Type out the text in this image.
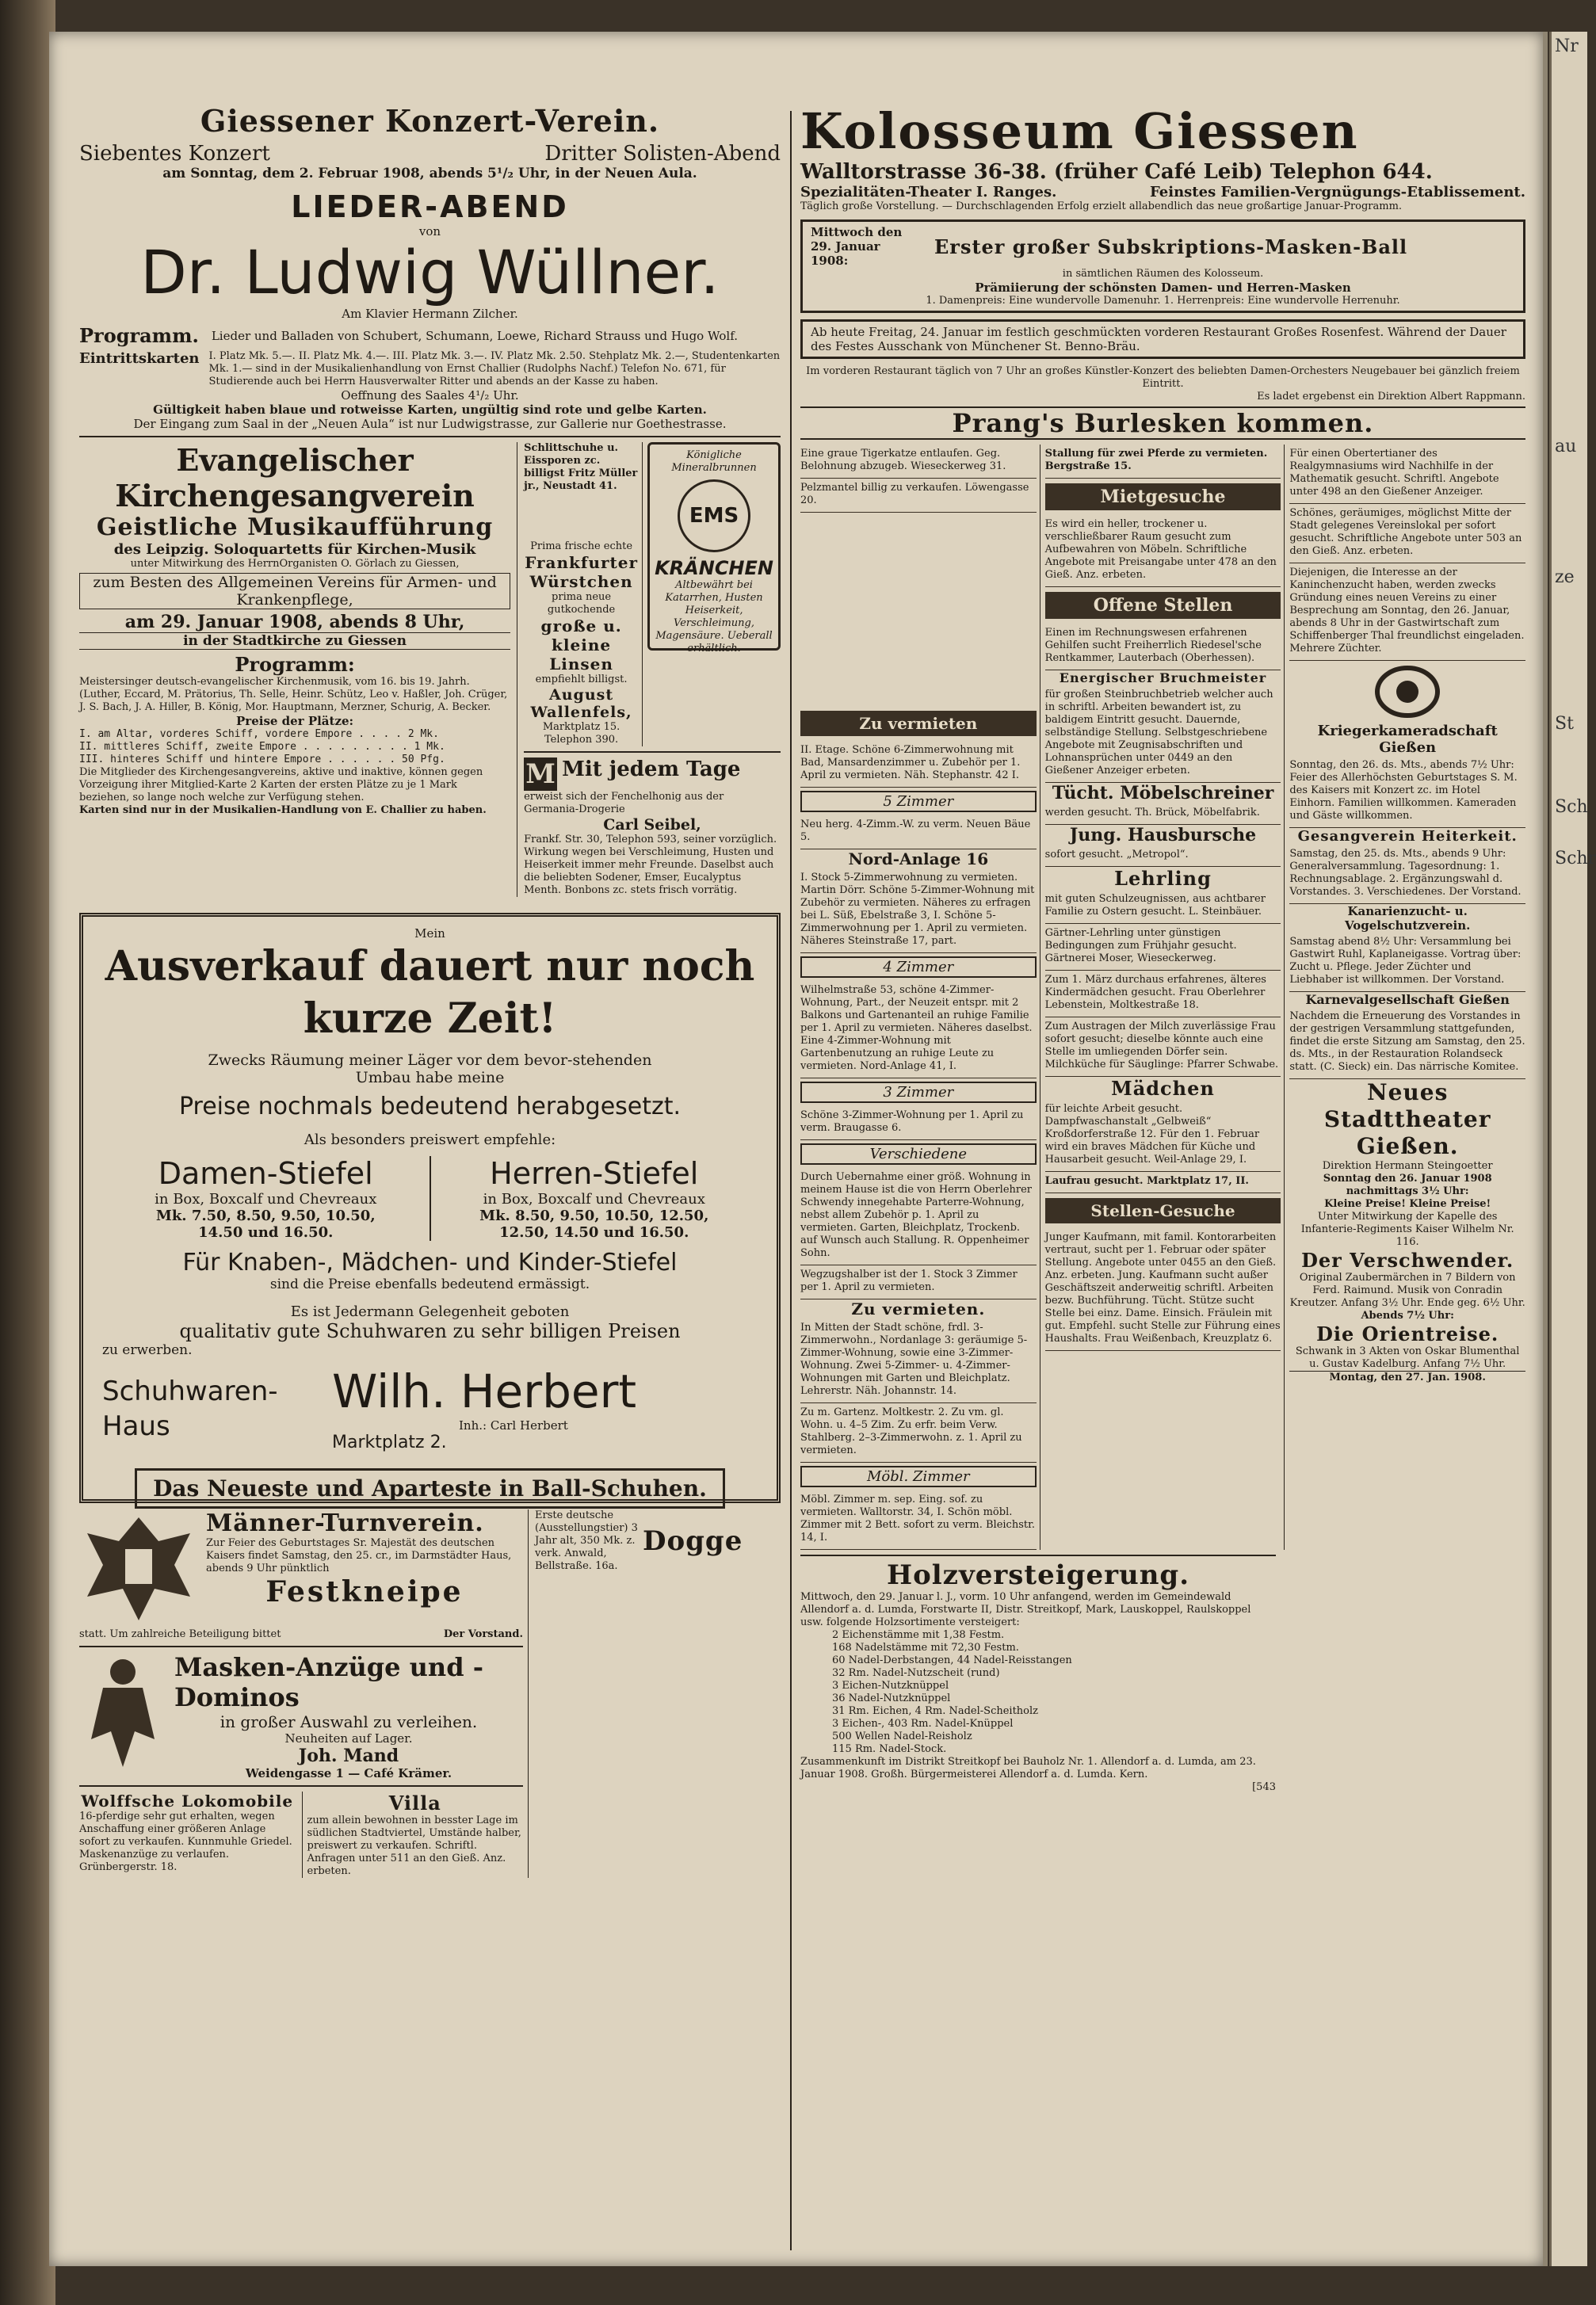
Giessener Konzert-Verein.
Siebentes Konzert	Dritter Solisten-Abend
am Sonntag, dem 2. Februar 1908, abends 5¹/₂ Uhr, in der Neuen Aula.
LIEDER-ABEND
von
Dr. Ludwig Wüllner.
Am Klavier Hermann Zilcher.
Programm. Lieder und Balladen von Schubert, Schumann, Loewe, Richard Strauss und Hugo Wolf.
Eintrittskarten I. Platz Mk. 5.—. II. Platz Mk. 4.—. III. Platz Mk. 3.—. IV. Platz Mk. 2.50. Stehplatz Mk. 2.—, Studentenkarten Mk. 1.— sind in der Musikalienhandlung von Ernst Challier (Rudolphs Nachf.) Telefon No. 671, für Studierende auch bei Herrn Hausverwalter Ritter und abends an der Kasse zu haben.
Oeffnung des Saales 4¹/₂ Uhr.
Gültigkeit haben blaue und rotweisse Karten, ungültig sind rote und gelbe Karten.
Der Eingang zum Saal in der „Neuen Aula“ ist nur Ludwigstrasse, zur Gallerie nur Goethestrasse.
Evangelischer Kirchengesangverein
Geistliche Musikaufführung
des Leipzig. Soloquartetts für Kirchen-Musik
unter Mitwirkung des HerrnOrganisten O. Görlach zu Giessen,
zum Besten des Allgemeinen Vereins für Armen- und Krankenpflege,
am 29. Januar 1908, abends 8 Uhr,
in der Stadtkirche zu Giessen
Programm:
Meistersinger deutsch-evangelischer Kirchenmusik, vom 16. bis 19. Jahrh. (Luther, Eccard, M. Prätorius, Th. Selle, Heinr. Schütz, Leo v. Haßler, Joh. Crüger, J. S. Bach, J. A. Hiller, B. König, Mor. Hauptmann, Merzner, Schurig, A. Becker.
Preise der Plätze:
I. am Altar, vorderes Schiff, vordere Empore . . . . 2 Mk.
II. mittleres Schiff, zweite Empore . . . . . . . . . 1 Mk.
III. hinteres Schiff und hintere Empore . . . . . . 50 Pfg.
Die Mitglieder des Kirchengesangvereins, aktive und inaktive, können gegen Vorzeigung ihrer Mitglied-Karte 2 Karten der ersten Plätze zu je 1 Mark beziehen, so lange noch welche zur Verfügung stehen.
Karten sind nur in der Musikalien-Handlung von E. Challier zu haben.
Schlittschuhe u. Eissporen zc. billigst Fritz Müller jr., Neustadt 41.
Prima frische echte
Frankfurter Würstchen
prima neue gutkochende
große u. kleine Linsen
empfiehlt billigst.
August Wallenfels,
Marktplatz 15. Telephon 390.
Königliche Mineralbrunnen
EMS
KRÄNCHEN
Altbewährt bei Katarrhen, Husten Heiserkeit, Verschleimung, Magensäure. Ueberall erhältlich.
M Mit jedem Tage
erweist sich der Fenchelhonig aus der Germania-Drogerie
Carl Seibel,
Frankf. Str. 30, Telephon 593, seiner vorzüglich. Wirkung wegen bei Verschleimung, Husten und Heiserkeit immer mehr Freunde. Daselbst auch die beliebten Sodener, Emser, Eucalyptus Menth. Bonbons zc. stets frisch vorrätig.
Mein
Ausverkauf dauert nur noch kurze Zeit!
Zwecks Räumung meiner Läger vor dem bevor-stehenden Umbau habe meine
Preise nochmals bedeutend herabgesetzt.
Als besonders preiswert empfehle:
Damen-Stiefel
in Box, Boxcalf und Chevreaux
Mk. 7.50, 8.50, 9.50, 10.50,
14.50 und 16.50.
Herren-Stiefel
in Box, Boxcalf und Chevreaux
Mk. 8.50, 9.50, 10.50, 12.50,
12.50, 14.50 und 16.50.
Für Knaben-, Mädchen- und Kinder-Stiefel
sind die Preise ebenfalls bedeutend ermässigt.
Es ist Jedermann Gelegenheit geboten
qualitativ gute Schuhwaren zu sehr billigen Preisen
zu erwerben.
Schuhwaren-Haus
Wilh. Herbert
Inh.: Carl Herbert
Marktplatz 2.
Das Neueste und Aparteste in Ball-Schuhen.
Männer-Turnverein.
Zur Feier des Geburtstages Sr. Majestät des deutschen Kaisers findet Samstag, den 25. cr., im Darmstädter Haus, abends 9 Uhr pünktlich
Festkneipe
statt. Um zahlreiche Beteiligung bittet	Der Vorstand.
Masken-Anzüge und -Dominos
in großer Auswahl zu verleihen.
Neuheiten auf Lager.
Joh. Mand
Weidengasse 1 — Café Krämer.
Wolffsche Lokomobile
16-pferdige sehr gut erhalten, wegen Anschaffung einer größeren Anlage sofort zu verkaufen. Kunnmuhle Griedel. Maskenanzüge zu verlaufen. Grünbergerstr. 18.
Villa
zum allein bewohnen in besster Lage im südlichen Stadtviertel, Umstände halber, preiswert zu verkaufen. Schriftl. Anfragen unter 511 an den Gieß. Anz. erbeten.
Erste deutsche (Ausstellungstier) 3 Jahr alt, 350 Mk. z. verk. Anwald, Bellstraße. 16a.
Dogge
Kolosseum Giessen
Walltorstrasse 36-38. (früher Café Leib) Telephon 644.
Spezialitäten-Theater I. Ranges.	Feinstes Familien-Vergnügungs-Etablissement.
Täglich große Vorstellung. — Durchschlagenden Erfolg erzielt allabendlich das neue großartige Januar-Programm.
Mittwoch den 29. Januar 1908:
Erster großer Subskriptions-Masken-Ball
in sämtlichen Räumen des Kolosseum.
Prämiierung der schönsten Damen- und Herren-Masken
1. Damenpreis: Eine wundervolle Damenuhr. 1. Herrenpreis: Eine wundervolle Herrenuhr.
Ab heute Freitag, 24. Januar im festlich geschmückten vorderen Restaurant Großes Rosenfest. Während der Dauer des Festes Ausschank von Münchener St. Benno-Bräu.
Im vorderen Restaurant täglich von 7 Uhr an großes Künstler-Konzert des beliebten Damen-Orchesters Neugebauer bei gänzlich freiem Eintritt.
Es ladet ergebenst ein Direktion Albert Rappmann.
Prang's Burlesken kommen.
Eine graue Tigerkatze entlaufen. Geg. Belohnung abzugeb. Wieseckerweg 31.
Pelzmantel billig zu verkaufen. Löwengasse 20.
Zu vermieten
II. Etage. Schöne 6-Zimmerwohnung mit Bad, Mansardenzimmer u. Zubehör per 1. April zu vermieten. Näh. Stephanstr. 42 I.
5 Zimmer
Neu herg. 4-Zimm.-W. zu verm. Neuen Bäue 5.
Nord-Anlage 16
I. Stock 5-Zimmerwohnung zu vermieten. Martin Dörr. Schöne 5-Zimmer-Wohnung mit Zubehör zu vermieten. Näheres zu erfragen bei L. Süß, Ebelstraße 3, I. Schöne 5-Zimmerwohnung per 1. April zu vermieten. Näheres Steinstraße 17, part.
4 Zimmer
Wilhelmstraße 53, schöne 4-Zimmer-Wohnung, Part., der Neuzeit entspr. mit 2 Balkons und Gartenanteil an ruhige Familie per 1. April zu vermieten. Näheres daselbst. Eine 4-Zimmer-Wohnung mit Gartenbenutzung an ruhige Leute zu vermieten. Nord-Anlage 41, I.
3 Zimmer
Schöne 3-Zimmer-Wohnung per 1. April zu verm. Braugasse 6.
Verschiedene
Durch Uebernahme einer größ. Wohnung in meinem Hause ist die von Herrn Oberlehrer Schwendy innegehabte Parterre-Wohnung, nebst allem Zubehör p. 1. April zu vermieten. Garten, Bleichplatz, Trockenb. auf Wunsch auch Stallung. R. Oppenheimer Sohn.
Wegzugshalber ist der 1. Stock 3 Zimmer per 1. April zu vermieten.
Zu vermieten.
In Mitten der Stadt schöne, frdl. 3-Zimmerwohn., Nordanlage 3: geräumige 5-Zimmer-Wohnung, sowie eine 3-Zimmer-Wohnung. Zwei 5-Zimmer- u. 4-Zimmer-Wohnungen mit Garten und Bleichplatz. Lehrerstr. Näh. Johannstr. 14.
Zu m. Gartenz. Moltkestr. 2. Zu vm. gl. Wohn. u. 4–5 Zim. Zu erfr. beim Verw. Stahlberg. 2–3-Zimmerwohn. z. 1. April zu vermieten.
Möbl. Zimmer
Möbl. Zimmer m. sep. Eing. sof. zu vermieten. Walltorstr. 34, I. Schön möbl. Zimmer mit 2 Bett. sofort zu verm. Bleichstr. 14, I.
Stallung für zwei Pferde zu vermieten. Bergstraße 15.
Mietgesuche
Es wird ein heller, trockener u. verschließbarer Raum gesucht zum Aufbewahren von Möbeln. Schriftliche Angebote mit Preisangabe unter 478 an den Gieß. Anz. erbeten.
Offene Stellen
Einen im Rechnungswesen erfahrenen Gehilfen sucht Freiherrlich Riedesel'sche Rentkammer, Lauterbach (Oberhessen).
Energischer Bruchmeister
für großen Steinbruchbetrieb welcher auch in schriftl. Arbeiten bewandert ist, zu baldigem Eintritt gesucht. Dauernde, selbständige Stellung. Selbstgeschriebene Angebote mit Zeugnisabschriften und Lohnansprüchen unter 0449 an den Gießener Anzeiger erbeten.
Tücht. Möbelschreiner
werden gesucht. Th. Brück, Möbelfabrik.
Jung. Hausbursche
sofort gesucht. „Metropol“.
Lehrling
mit guten Schulzeugnissen, aus achtbarer Familie zu Ostern gesucht. L. Steinbäuer.
Gärtner-Lehrling unter günstigen Bedingungen zum Frühjahr gesucht. Gärtnerei Moser, Wieseckerweg.
Zum 1. März durchaus erfahrenes, älteres Kindermädchen gesucht. Frau Oberlehrer Lebenstein, Moltkestraße 18.
Zum Austragen der Milch zuverlässige Frau sofort gesucht; dieselbe könnte auch eine Stelle im umliegenden Dörfer sein. Milchküche für Säuglinge: Pfarrer Schwabe.
Mädchen
für leichte Arbeit gesucht. Dampfwaschanstalt „Gelbweiß“ Kroßdorferstraße 12. Für den 1. Februar wird ein braves Mädchen für Küche und Hausarbeit gesucht. Weil-Anlage 29, I.
Laufrau gesucht. Marktplatz 17, II.
Stellen-Gesuche
Junger Kaufmann, mit famil. Kontorarbeiten vertraut, sucht per 1. Februar oder später Stellung. Angebote unter 0455 an den Gieß. Anz. erbeten. Jung. Kaufmann sucht außer Geschäftszeit anderweitig schriftl. Arbeiten bezw. Buchführung. Tücht. Stütze sucht Stelle bei einz. Dame. Einsich. Fräulein mit gut. Empfehl. sucht Stelle zur Führung eines Haushalts. Frau Weißenbach, Kreuzplatz 6.
Für einen Obertertianer des Realgymnasiums wird Nachhilfe in der Mathematik gesucht. Schriftl. Angebote unter 498 an den Gießener Anzeiger.
Schönes, geräumiges, möglichst Mitte der Stadt gelegenes Vereinslokal per sofort gesucht. Schriftliche Angebote unter 503 an den Gieß. Anz. erbeten.
Diejenigen, die Interesse an der Kaninchenzucht haben, werden zwecks Gründung eines neuen Vereins zu einer Besprechung am Sonntag, den 26. Januar, abends 8 Uhr in der Gastwirtschaft zum Schiffenberger Thal freundlichst eingeladen. Mehrere Züchter.
Kriegerkameradschaft Gießen
Sonntag, den 26. ds. Mts., abends 7½ Uhr: Feier des Allerhöchsten Geburtstages S. M. des Kaisers mit Konzert zc. im Hotel Einhorn. Familien willkommen. Kameraden und Gäste willkommen.
Gesangverein Heiterkeit.
Samstag, den 25. ds. Mts., abends 9 Uhr: Generalversammlung. Tagesordnung: 1. Rechnungsablage. 2. Ergänzungswahl d. Vorstandes. 3. Verschiedenes. Der Vorstand.
Kanarienzucht- u. Vogelschutzverein.
Samstag abend 8½ Uhr: Versammlung bei Gastwirt Ruhl, Kaplaneigasse. Vortrag über: Zucht u. Pflege. Jeder Züchter und Liebhaber ist willkommen. Der Vorstand.
Karnevalgesellschaft Gießen
Nachdem die Erneuerung des Vorstandes in der gestrigen Versammlung stattgefunden, findet die erste Sitzung am Samstag, den 25. ds. Mts., in der Restauration Rolandseck statt. (C. Sieck) ein. Das närrische Komitee.
Neues Stadttheater Gießen.
Direktion Hermann Steingoetter
Sonntag den 26. Januar 1908 nachmittags 3½ Uhr:
Kleine Preise! Kleine Preise!
Unter Mitwirkung der Kapelle des Infanterie-Regiments Kaiser Wilhelm Nr. 116.
Der Verschwender.
Original Zaubermärchen in 7 Bildern von Ferd. Raimund. Musik von Conradin Kreutzer. Anfang 3½ Uhr. Ende geg. 6½ Uhr.
Abends 7½ Uhr:
Die Orientreise.
Schwank in 3 Akten von Oskar Blumenthal u. Gustav Kadelburg. Anfang 7½ Uhr.
Montag, den 27. Jan. 1908.
Holzversteigerung.
Mittwoch, den 29. Januar l. J., vorm. 10 Uhr anfangend, werden im Gemeindewald Allendorf a. d. Lumda, Forstwarte II, Distr. Streitkopf, Mark, Lauskoppel, Raulskoppel usw. folgende Holzsortimente versteigert:
2 Eichenstämme mit 1,38 Festm.
168 Nadelstämme mit 72,30 Festm.
60 Nadel-Derbstangen, 44 Nadel-Reisstangen
32 Rm. Nadel-Nutzscheit (rund)
3 Eichen-Nutzknüppel
36 Nadel-Nutzknüppel
31 Rm. Eichen, 4 Rm. Nadel-Scheitholz
3 Eichen-, 403 Rm. Nadel-Knüppel
500 Wellen Nadel-Reisholz
115 Rm. Nadel-Stock.
Zusammenkunft im Distrikt Streitkopf bei Bauholz Nr. 1. Allendorf a. d. Lumda, am 23. Januar 1908. Großh. Bürgermeisterei Allendorf a. d. Lumda. Kern.
[543
Nr
au
ze
St
Sch
Schr
